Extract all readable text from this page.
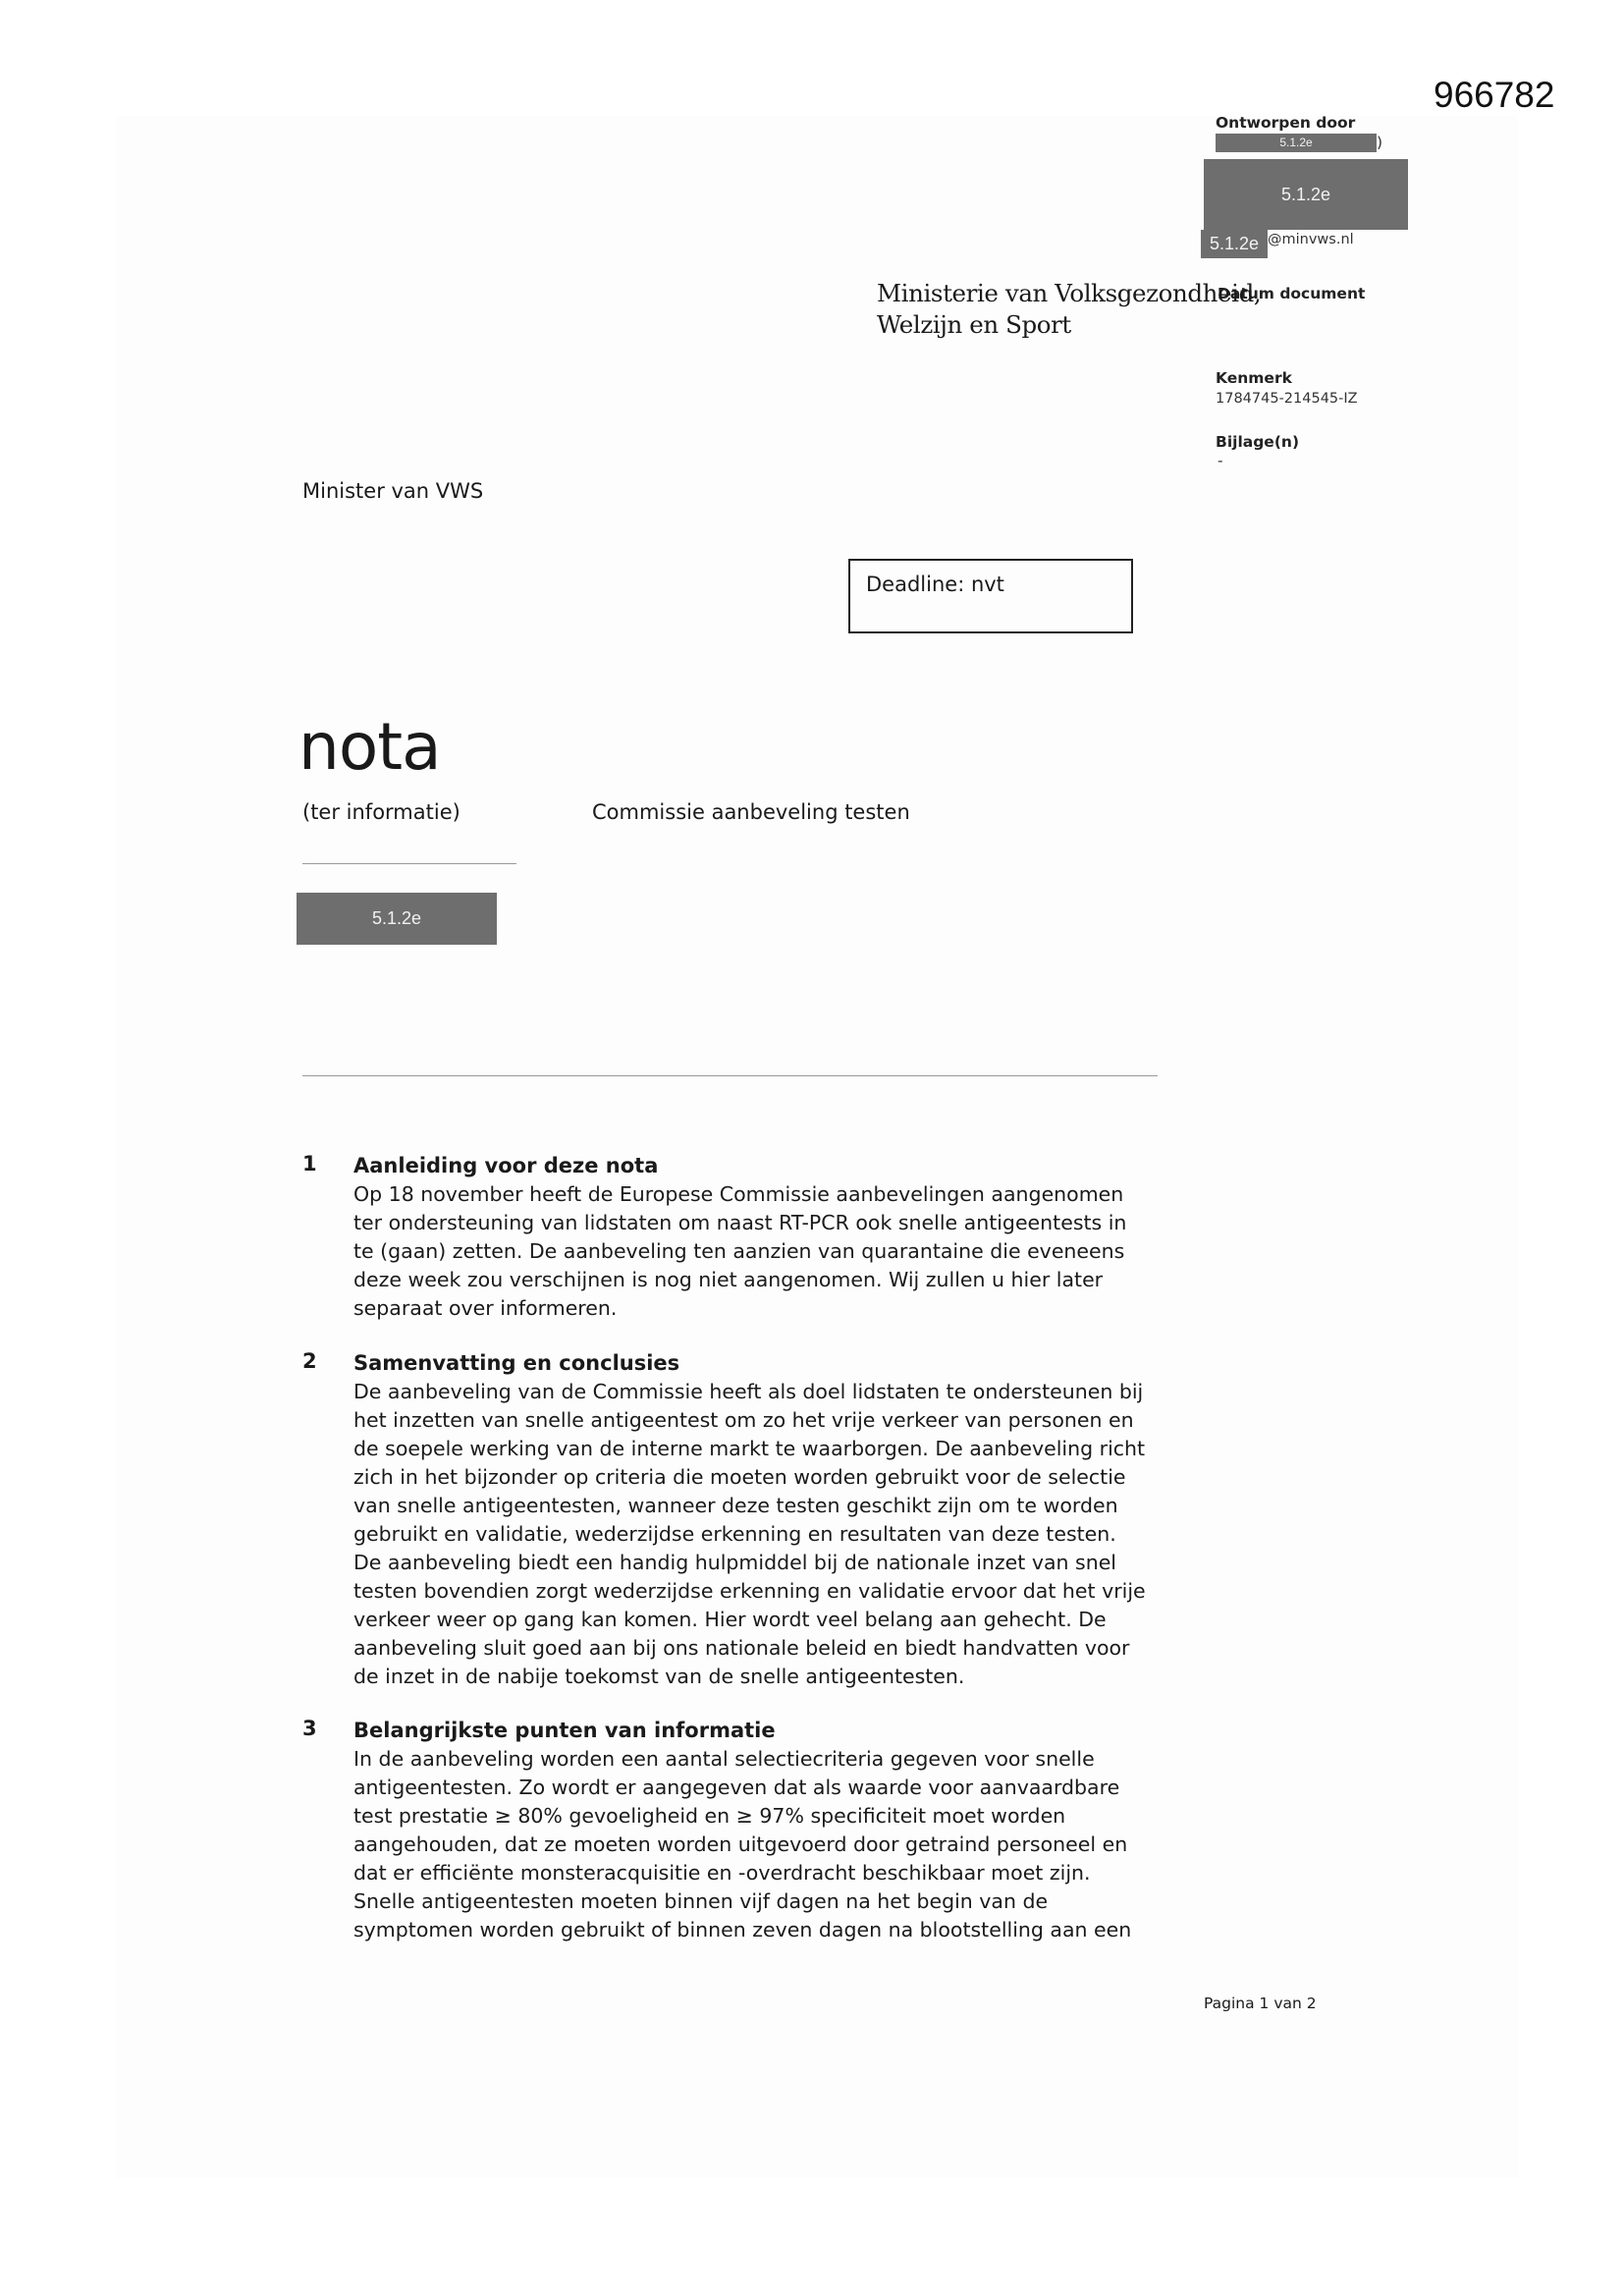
966782
Ontworpen door
5.1.2e	)
5.1.2e
5.1.2e @minvws.nl
Datum document
Kenmerk
1784745-214545-IZ
Bijlage(n)
-
Ministerie van Volksgezondheid,
Welzijn en Sport
Minister van VWS
Deadline: nvt
nota
(ter informatie)	Commissie aanbeveling testen
5.1.2e
1 Aanleiding voor deze nota
Op 18 november heeft de Europese Commissie aanbevelingen aangenomen
ter ondersteuning van lidstaten om naast RT-PCR ook snelle antigeentests in
te (gaan) zetten. De aanbeveling ten aanzien van quarantaine die eveneens
deze week zou verschijnen is nog niet aangenomen. Wij zullen u hier later
separaat over informeren.
2 Samenvatting en conclusies
De aanbeveling van de Commissie heeft als doel lidstaten te ondersteunen bij
het inzetten van snelle antigeentest om zo het vrije verkeer van personen en
de soepele werking van de interne markt te waarborgen. De aanbeveling richt
zich in het bijzonder op criteria die moeten worden gebruikt voor de selectie
van snelle antigeentesten, wanneer deze testen geschikt zijn om te worden
gebruikt en validatie, wederzijdse erkenning en resultaten van deze testen.
De aanbeveling biedt een handig hulpmiddel bij de nationale inzet van snel
testen bovendien zorgt wederzijdse erkenning en validatie ervoor dat het vrije
verkeer weer op gang kan komen. Hier wordt veel belang aan gehecht. De
aanbeveling sluit goed aan bij ons nationale beleid en biedt handvatten voor
de inzet in de nabije toekomst van de snelle antigeentesten.
3 Belangrijkste punten van informatie
In de aanbeveling worden een aantal selectiecriteria gegeven voor snelle
antigeentesten. Zo wordt er aangegeven dat als waarde voor aanvaardbare
test prestatie ≥ 80% gevoeligheid en ≥ 97% specificiteit moet worden
aangehouden, dat ze moeten worden uitgevoerd door getraind personeel en
dat er efficiënte monsteracquisitie en -overdracht beschikbaar moet zijn.
Snelle antigeentesten moeten binnen vijf dagen na het begin van de
symptomen worden gebruikt of binnen zeven dagen na blootstelling aan een
Pagina 1 van 2
